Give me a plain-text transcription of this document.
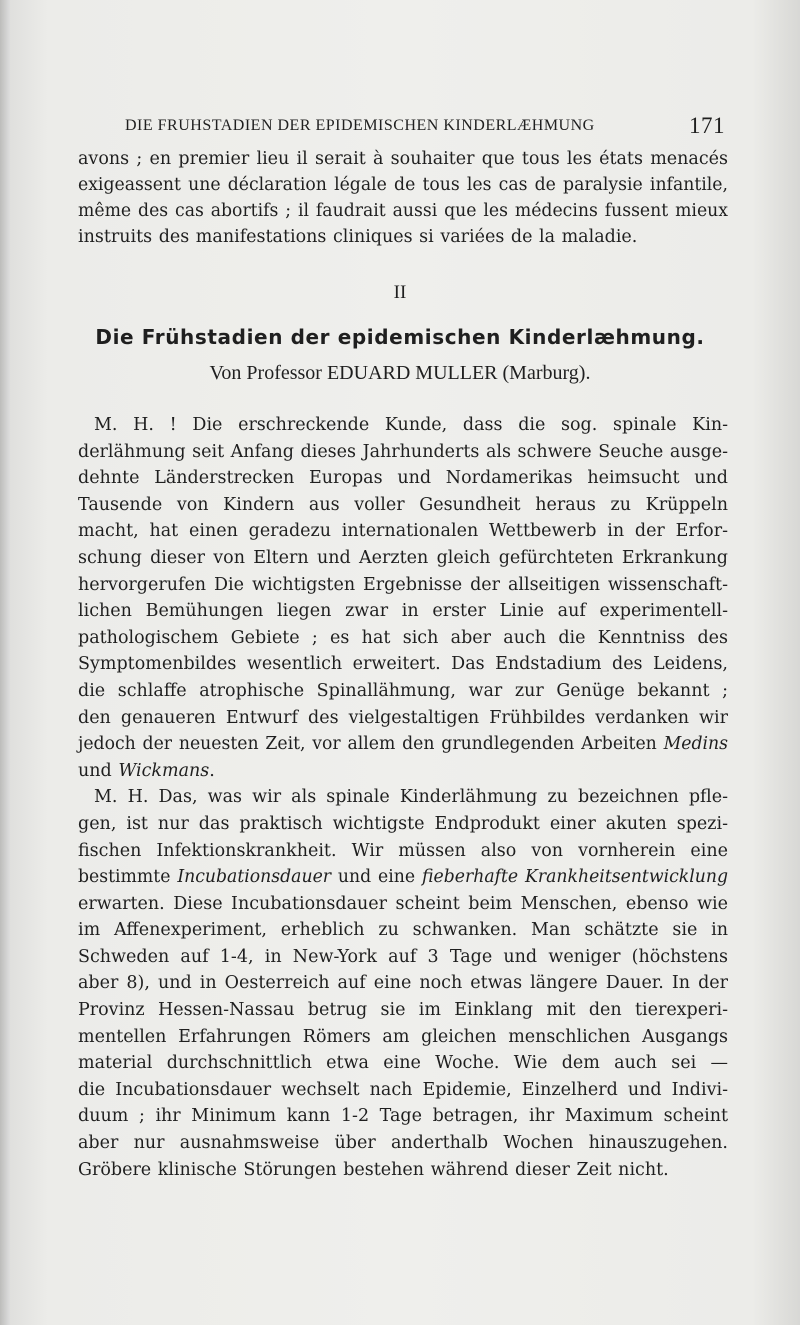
DIE FRUHSTADIEN DER EPIDEMISCHEN KINDERLÆHMUNG	171
avons ; en premier lieu il serait à souhaiter que tous les états menacés
exigeassent une déclaration légale de tous les cas de paralysie infantile,
même des cas abortifs ; il faudrait aussi que les médecins fussent mieux
instruits des manifestations cliniques si variées de la maladie.
II
Die Frühstadien der epidemischen Kinderlæhmung.
Von Professor EDUARD MULLER (Marburg).
M. H. ! Die erschreckende Kunde, dass die sog. spinale Kin-
derlähmung seit Anfang dieses Jahrhunderts als schwere Seuche ausge-
dehnte Länderstrecken Europas und Nordamerikas heimsucht und
Tausende von Kindern aus voller Gesundheit heraus zu Krüppeln
macht, hat einen geradezu internationalen Wettbewerb in der Erfor-
schung dieser von Eltern und Aerzten gleich gefürchteten Erkrankung
hervorgerufen Die wichtigsten Ergebnisse der allseitigen wissenschaft-
lichen Bemühungen liegen zwar in erster Linie auf experimentell-
pathologischem Gebiete ; es hat sich aber auch die Kenntniss des
Symptomenbildes wesentlich erweitert. Das Endstadium des Leidens,
die schlaffe atrophische Spinallähmung, war zur Genüge bekannt ;
den genaueren Entwurf des vielgestaltigen Frühbildes verdanken wir
jedoch der neuesten Zeit, vor allem den grundlegenden Arbeiten Medins
und Wickmans.
M. H. Das, was wir als spinale Kinderlähmung zu bezeichnen pfle-
gen, ist nur das praktisch wichtigste Endprodukt einer akuten spezi-
fischen Infektionskrankheit. Wir müssen also von vornherein eine
bestimmte Incubationsdauer und eine fieberhafte Krankheitsentwicklung
erwarten. Diese Incubationsdauer scheint beim Menschen, ebenso wie
im Affenexperiment, erheblich zu schwanken. Man schätzte sie in
Schweden auf 1-4, in New-York auf 3 Tage und weniger (höchstens
aber 8), und in Oesterreich auf eine noch etwas längere Dauer. In der
Provinz Hessen-Nassau betrug sie im Einklang mit den tierexperi-
mentellen Erfahrungen Römers am gleichen menschlichen Ausgangs
material durchschnittlich etwa eine Woche. Wie dem auch sei —
die Incubationsdauer wechselt nach Epidemie, Einzelherd und Indivi-
duum ; ihr Minimum kann 1-2 Tage betragen, ihr Maximum scheint
aber nur ausnahmsweise über anderthalb Wochen hinauszugehen.
Gröbere klinische Störungen bestehen während dieser Zeit nicht.
